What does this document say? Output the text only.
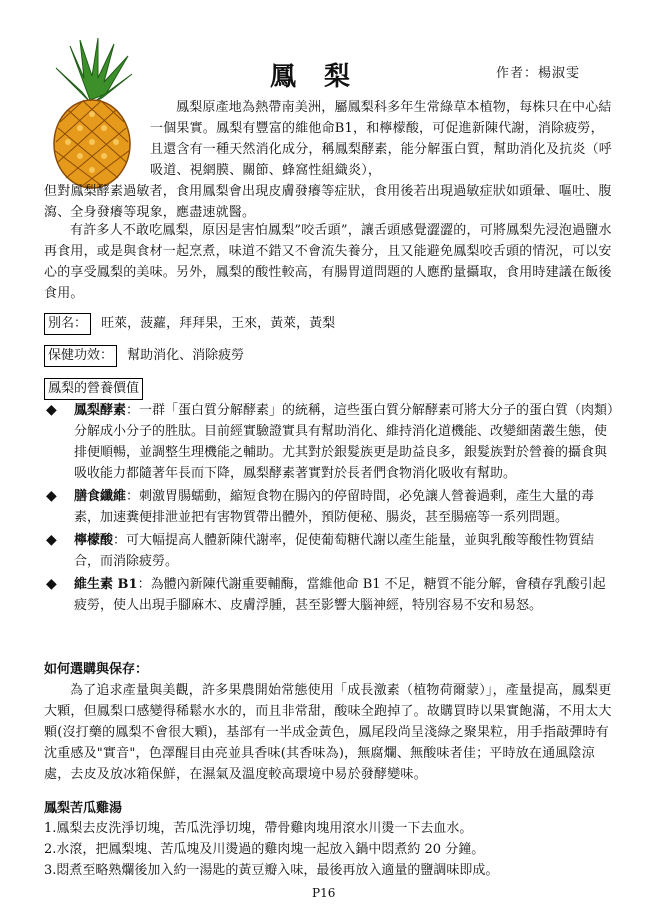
鳳梨	作者：楊淑雯
鳳梨原產地為熱帶南美洲，屬鳳梨科多年生常綠草本植物，每株只在中心結一個果實。鳳梨有豐富的維他命B1，和檸檬酸，可促進新陳代謝，消除疲勞，且還含有一種天然消化成分，稱鳳梨酵素，能分解蛋白質，幫助消化及抗炎（呼吸道、視網膜、關節、蜂窩性組織炎），
但對鳳梨酵素過敏者，食用鳳梨會出現皮膚發癢等症狀，食用後若出現過敏症狀如頭暈、嘔吐、腹瀉、全身發癢等現象，應盡速就醫。
有許多人不敢吃鳳梨，原因是害怕鳳梨”咬舌頭”，讓舌頭感覺澀澀的，可將鳳梨先浸泡過鹽水再食用，或是與食材一起烹煮，味道不錯又不會流失養分，且又能避免鳳梨咬舌頭的情況，可以安心的享受鳳梨的美味。另外，鳳梨的酸性較高，有腸胃道問題的人應酌量攝取，食用時建議在飯後食用。
別名： 旺萊，菠蘿，拜拜果，王來，黃萊，黃梨
保健功效： 幫助消化、消除疲勞
鳳梨的營養價值
◆ 鳳梨酵素：一群「蛋白質分解酵素」的統稱，這些蛋白質分解酵素可將大分子的蛋白質（肉類）分解成小分子的胜肽。目前經實驗證實具有幫助消化、維持消化道機能、改變細菌叢生態，使排便順暢，並調整生理機能之輔助。尤其對於銀髮族更是助益良多，銀髮族對於營養的攝食與吸收能力都隨著年長而下降，鳳梨酵素著實對於長者們食物消化吸收有幫助。
◆ 膳食纖維：刺激胃腸蠕動，縮短食物在腸內的停留時間，必免讓人營養過剩，產生大量的毒素，加速糞便排泄並把有害物質帶出體外，預防便秘、腸炎，甚至腸癌等一系列問題。
◆ 檸檬酸：可大幅提高人體新陳代謝率，促使葡萄糖代謝以產生能量，並與乳酸等酸性物質結合，而消除疲勞。
◆ 維生素 B1：為體內新陳代謝重要輔酶，當維他命 B1 不足，糖質不能分解，會積存乳酸引起疲勞，使人出現手腳麻木、皮膚浮腫，甚至影響大腦神經，特別容易不安和易怒。
如何選購與保存：
為了追求產量與美觀，許多果農開始常態使用「成長激素（植物荷爾蒙）」，產量提高，鳳梨更大顆，但鳳梨口感變得稀鬆水水的，而且非常甜，酸味全跑掉了。故購買時以果實飽滿，不用太大顆(沒打藥的鳳梨不會很大顆)，基部有一半成金黃色，鳳尾段尚呈淺綠之聚果粒，用手指敲彈時有沈重感及"實音"，色澤醒目由亮並具香味(其香味為)，無腐爛、無酸味者佳；平時放在通風陰涼處，去皮及放冰箱保鮮，在濕氣及溫度較高環境中易於發酵變味。
鳳梨苦瓜雞湯
1.鳳梨去皮洗淨切塊，苦瓜洗淨切塊，帶骨雞肉塊用滾水川燙一下去血水。
2.水滾，把鳳梨塊、苦瓜塊及川燙過的雞肉塊一起放入鍋中悶煮約 20 分鐘。
3.悶煮至略熟爛後加入約一湯匙的黃豆瓣入味，最後再放入適量的鹽調味即成。
P16
